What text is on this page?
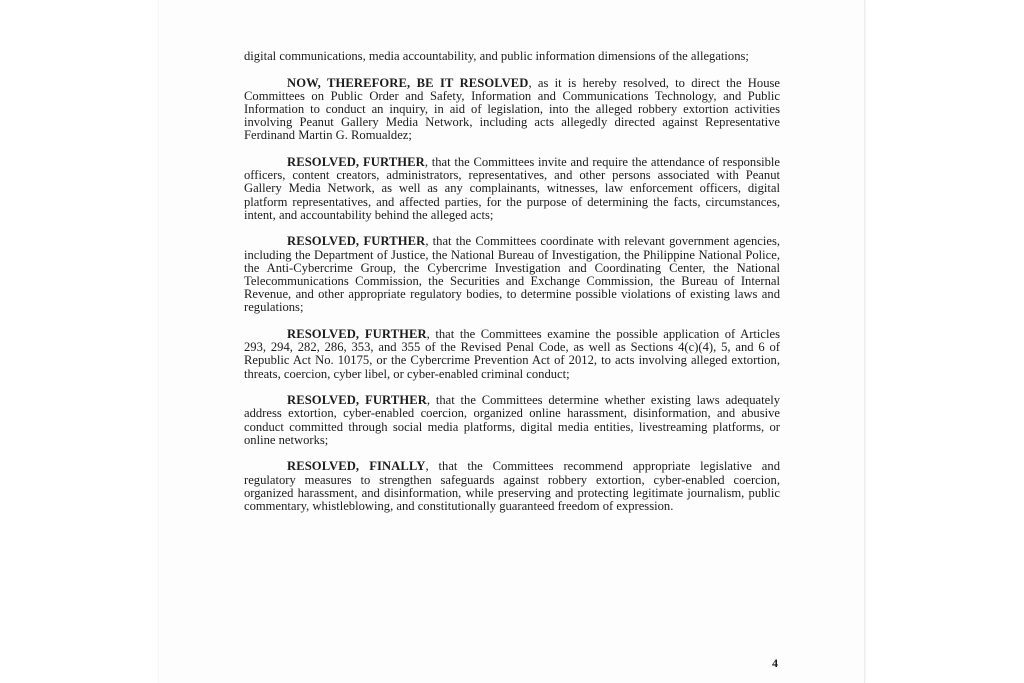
digital communications, media accountability, and public information dimensions of the allegations;

NOW, THEREFORE, BE IT RESOLVED, as it is hereby resolved, to direct the House Committees on Public Order and Safety, Information and Communications Technology, and Public Information to conduct an inquiry, in aid of legislation, into the alleged robbery extortion activities involving Peanut Gallery Media Network, including acts allegedly directed against Representative Ferdinand Martin G. Romualdez;

RESOLVED, FURTHER, that the Committees invite and require the attendance of responsible officers, content creators, administrators, representatives, and other persons associated with Peanut Gallery Media Network, as well as any complainants, witnesses, law enforcement officers, digital platform representatives, and affected parties, for the purpose of determining the facts, circumstances, intent, and accountability behind the alleged acts;

RESOLVED, FURTHER, that the Committees coordinate with relevant government agencies, including the Department of Justice, the National Bureau of Investigation, the Philippine National Police, the Anti-Cybercrime Group, the Cybercrime Investigation and Coordinating Center, the National Telecommunications Commission, the Securities and Exchange Commission, the Bureau of Internal Revenue, and other appropriate regulatory bodies, to determine possible violations of existing laws and regulations;

RESOLVED, FURTHER, that the Committees examine the possible application of Articles 293, 294, 282, 286, 353, and 355 of the Revised Penal Code, as well as Sections 4(c)(4), 5, and 6 of Republic Act No. 10175, or the Cybercrime Prevention Act of 2012, to acts involving alleged extortion, threats, coercion, cyber libel, or cyber-enabled criminal conduct;

RESOLVED, FURTHER, that the Committees determine whether existing laws adequately address extortion, cyber-enabled coercion, organized online harassment, disinformation, and abusive conduct committed through social media platforms, digital media entities, livestreaming platforms, or online networks;

RESOLVED, FINALLY, that the Committees recommend appropriate legislative and regulatory measures to strengthen safeguards against robbery extortion, cyber-enabled coercion, organized harassment, and disinformation, while preserving and protecting legitimate journalism, public commentary, whistleblowing, and constitutionally guaranteed freedom of expression.

4
